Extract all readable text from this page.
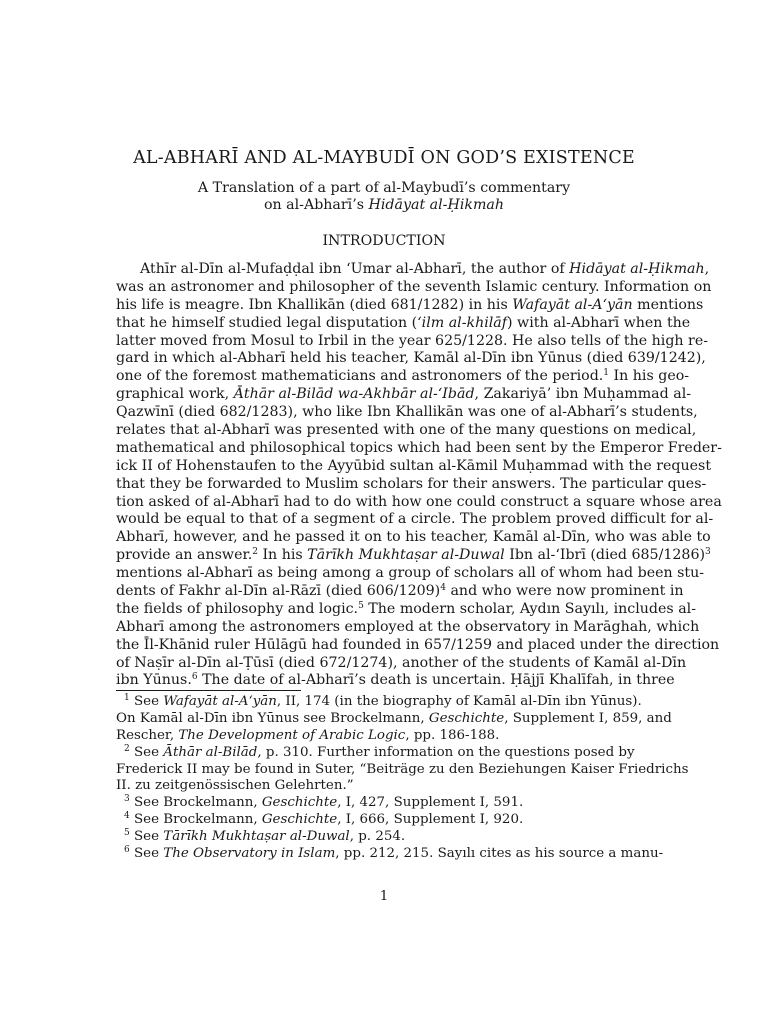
AL-ABHARĪ AND AL-MAYBUDĪ ON GOD’S EXISTENCE
A Translation of a part of al-Maybudī’s commentary
on al-Abharī’s Hidāyat al-Ḥikmah
INTRODUCTION
Athīr al-Dīn al-Mufaḍḍal ibn ‘Umar al-Abharī, the author of Hidāyat al-Ḥikmah,
was an astronomer and philosopher of the seventh Islamic century. Information on
his life is meagre. Ibn Khallikān (died 681/1282) in his Wafayāt al-A‘yān mentions
that he himself studied legal disputation (‘ilm al-khilāf) with al-Abharī when the
latter moved from Mosul to Irbil in the year 625/1228. He also tells of the high re-
gard in which al-Abharī held his teacher, Kamāl al-Dīn ibn Yūnus (died 639/1242),
one of the foremost mathematicians and astronomers of the period.$^1$ In his geo-
graphical work, Āthār al-Bilād wa-Akhbār al-‘Ibād, Zakariyā’ ibn Muḥammad al-
Qazwīnī (died 682/1283), who like Ibn Khallikān was one of al-Abharī’s students,
relates that al-Abharī was presented with one of the many questions on medical,
mathematical and philosophical topics which had been sent by the Emperor Freder-
ick II of Hohenstaufen to the Ayyūbid sultan al-Kāmil Muḥammad with the request
that they be forwarded to Muslim scholars for their answers. The particular ques-
tion asked of al-Abharī had to do with how one could construct a square whose area
would be equal to that of a segment of a circle. The problem proved difficult for al-
Abharī, however, and he passed it on to his teacher, Kamāl al-Dīn, who was able to
provide an answer.$^2$ In his Tārīkh Mukhtaṣar al-Duwal Ibn al-‘Ibrī (died 685/1286)$^3$
mentions al-Abharī as being among a group of scholars all of whom had been stu-
dents of Fakhr al-Dīn al-Rāzī (died 606/1209)$^4$ and who were now prominent in
the fields of philosophy and logic.$^5$ The modern scholar, Aydın Sayılı, includes al-
Abharī among the astronomers employed at the observatory in Marāghah, which
the Īl-Khānid ruler Hūlāgū had founded in 657/1259 and placed under the direction
of Naṣīr al-Dīn al-Ṭūsī (died 672/1274), another of the students of Kamāl al-Dīn
ibn Yūnus.$^6$ The date of al-Abharī’s death is uncertain. Ḥājjī Khalīfah, in three
$^1$ See Wafayāt al-A‘yān, II, 174 (in the biography of Kamāl al-Dīn ibn Yūnus).
On Kamāl al-Dīn ibn Yūnus see Brockelmann, Geschichte, Supplement I, 859, and
Rescher, The Development of Arabic Logic, pp. 186-188.
$^2$ See Āthār al-Bilād, p. 310. Further information on the questions posed by
Frederick II may be found in Suter, “Beiträge zu den Beziehungen Kaiser Friedrichs
II. zu zeitgenössischen Gelehrten.”
$^3$ See Brockelmann, Geschichte, I, 427, Supplement I, 591.
$^4$ See Brockelmann, Geschichte, I, 666, Supplement I, 920.
$^5$ See Tārīkh Mukhtaṣar al-Duwal, p. 254.
$^6$ See The Observatory in Islam, pp. 212, 215. Sayılı cites as his source a manu-
1
